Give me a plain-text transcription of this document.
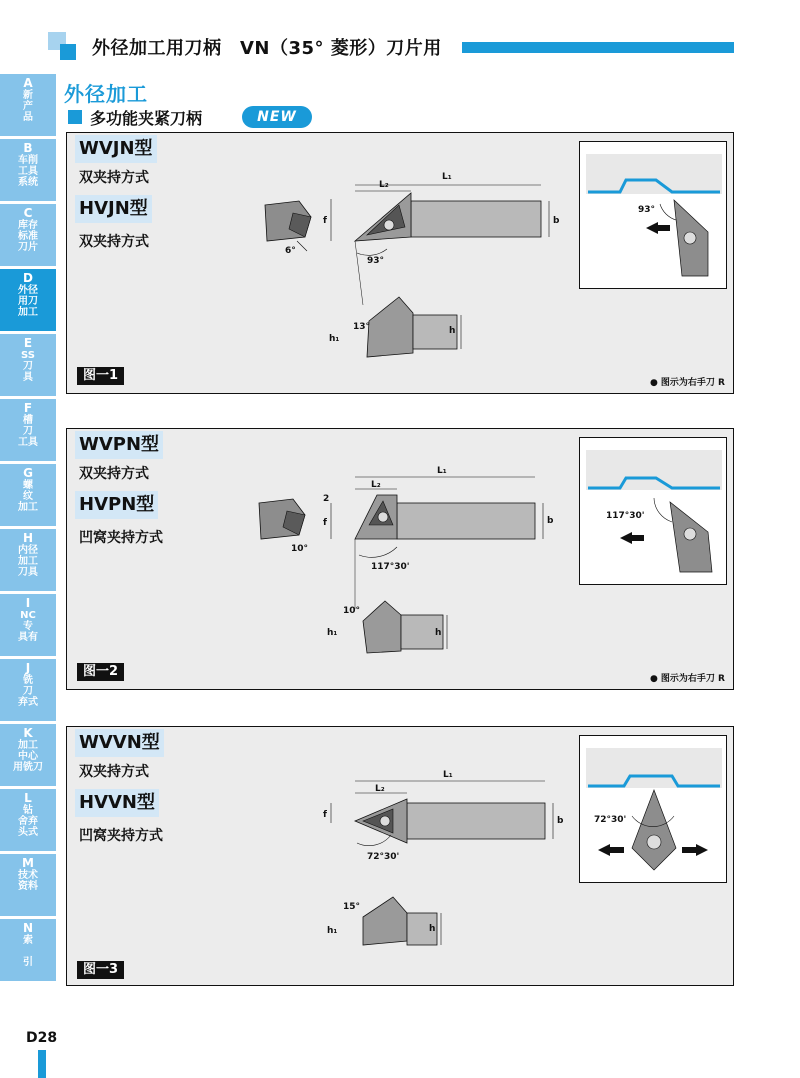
外径加工用刀柄　VN（35° 菱形）刀片用
A
新
产
品
B
车削
工具
系统
C
库存
标准
刀片
D
外径
用刀
加工
E
SS
刀
具
F
槽
刀
工具
G
螺
纹
加工
H
内径
加工
刀具
I
NC
专
具有
J
铣
刀
弃式
K
加工
中心
用铣刀
L
钻
舍弃
头式
M
技术
资料
N
索

引
外径加工
多功能夹紧刀柄	NEW
WVJN型
双夹持方式
HVJN型
双夹持方式
6°
L₁
L₂
f	b
93°
h₁
13°	h
93°
图一1	● 图示为右手刀 R
WVPN型
双夹持方式
HVPN型
凹窝夹持方式
10°
L₁
L₂
2
f	b
117°30'
h₁
10°
h
117°30'
图一2	● 图示为右手刀 R
WVVN型
双夹持方式
HVVN型
凹窝夹持方式
L₁
L₂
f
b
72°30'
h₁
15°
h
72°30'
图一3
D28
